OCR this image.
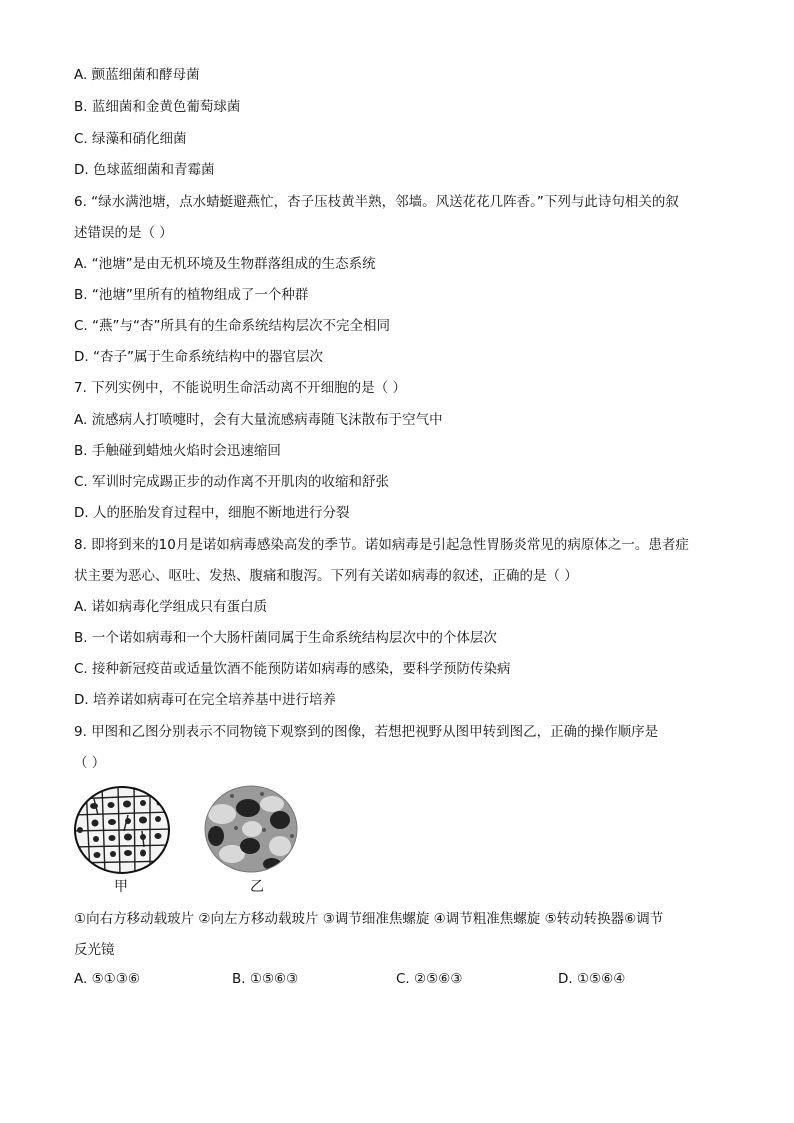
A. 颤蓝细菌和酵母菌
B. 蓝细菌和金黄色葡萄球菌
C. 绿藻和硝化细菌
D. 色球蓝细菌和青霉菌
6. “绿水满池塘，点水蜻蜓避燕忙，杏子压枝黄半熟，邻墙。风送花花几阵香。”下列与此诗句相关的叙
述错误的是（ ）
A. “池塘”是由无机环境及生物群落组成的生态系统
B. “池塘”里所有的植物组成了一个种群
C. “燕”与“杏”所具有的生命系统结构层次不完全相同
D. “杏子”属于生命系统结构中的器官层次
7. 下列实例中，不能说明生命活动离不开细胞的是（ ）
A. 流感病人打喷嚏时，会有大量流感病毒随飞沫散布于空气中
B. 手触碰到蜡烛火焰时会迅速缩回
C. 军训时完成踢正步的动作离不开肌肉的收缩和舒张
D. 人的胚胎发育过程中，细胞不断地进行分裂
8. 即将到来的10月是诺如病毒感染高发的季节。诺如病毒是引起急性胃肠炎常见的病原体之一。患者症
状主要为恶心、呕吐、发热、腹痛和腹泻。下列有关诺如病毒的叙述，正确的是（ ）
A. 诺如病毒化学组成只有蛋白质
B. 一个诺如病毒和一个大肠杆菌同属于生命系统结构层次中的个体层次
C. 接种新冠疫苗或适量饮酒不能预防诺如病毒的感染，要科学预防传染病
D. 培养诺如病毒可在完全培养基中进行培养
9. 甲图和乙图分别表示不同物镜下观察到的图像，若想把视野从图甲转到图乙，正确的操作顺序是
（ ）
甲	乙
①向右方移动载玻片 ②向左方移动载玻片 ③调节细准焦螺旋 ④调节粗准焦螺旋 ⑤转动转换器⑥调节
反光镜
A. ⑤①③⑥	B. ①⑤⑥③	C. ②⑤⑥③	D. ①⑤⑥④
